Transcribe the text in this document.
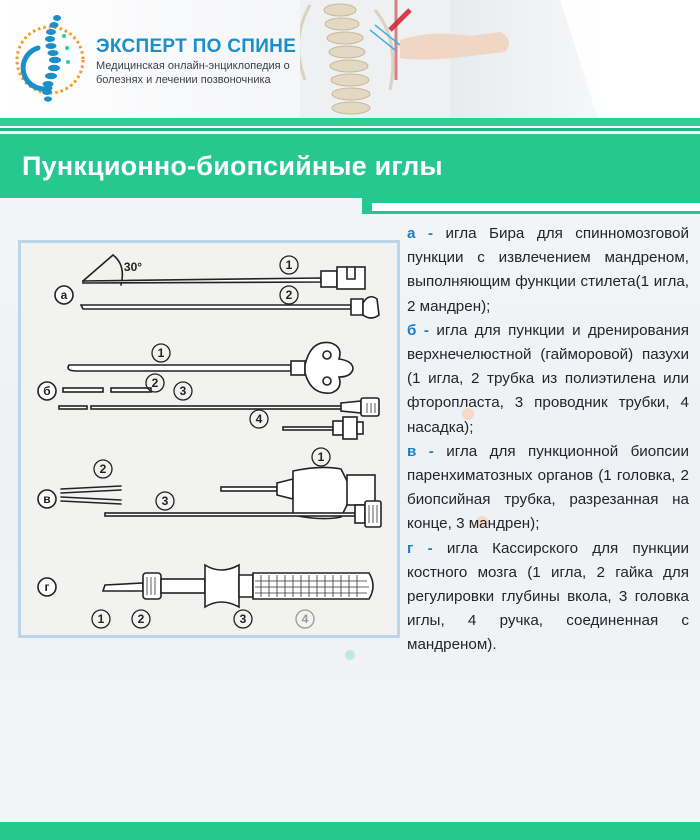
ЭКСПЕРТ ПО СПИНЕ
Медицинская онлайн-энциклопедия о болезнях и лечении позвоночника
Пункционно-биопсийные иглы
30°
а
б
в
г
1
2
1
2
3
4
1
2
3
1	2	3	4

а - игла Бира для спинномозговой пункции с извлечением мандреном, выполняющим функции стилета(1 игла, 2 мандрен);

б - игла для пункции и дренирования верхнечелюстной (гайморовой) пазухи (1 игла, 2 трубка из полиэтилена или фторопласта, 3 проводник трубки, 4 насадка);

в - игла для пункционной биопсии паренхиматозных органов (1 головка, 2 биопсийная трубка, разрезанная на конце, 3 мандрен);

г - игла Кассирского для пункции костного мозга (1 игла, 2 гайка для регулировки глубины вкола, 3 головка иглы, 4 ручка, соединенная с мандреном).
